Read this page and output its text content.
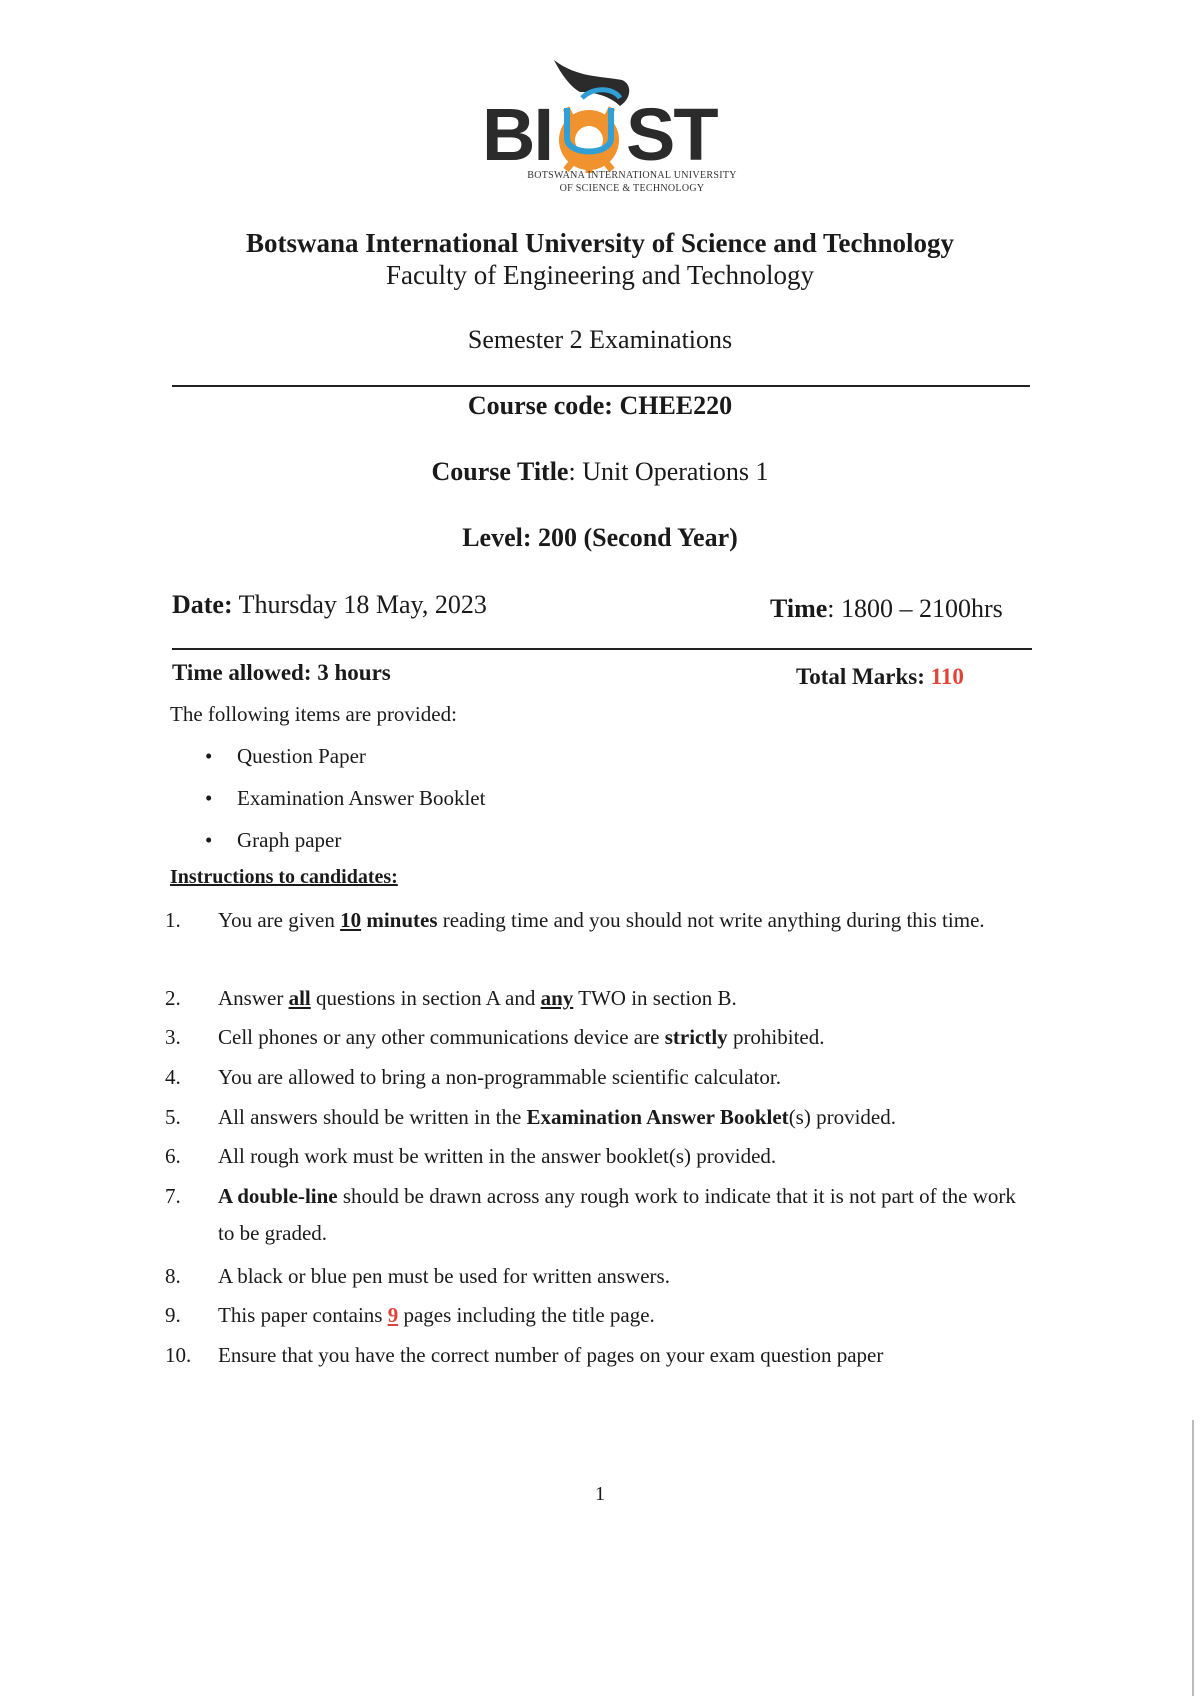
BI ST
BOTSWANA INTERNATIONAL UNIVERSITY
OF SCIENCE & TECHNOLOGY
Botswana International University of Science and Technology
Faculty of Engineering and Technology
Semester 2 Examinations
Course code: CHEE220
Course Title: Unit Operations 1
Level: 200 (Second Year)
Date: Thursday 18 May, 2023	Time: 1800 – 2100hrs
Time allowed: 3 hours	Total Marks: 110
The following items are provided:
• Question Paper
• Examination Answer Booklet
• Graph paper
Instructions to candidates:
1.	You are given 10 minutes reading time and you should not write anything during this time.
2.	Answer all questions in section A and any TWO in section B.
3.	Cell phones or any other communications device are strictly prohibited.
4.	You are allowed to bring a non-programmable scientific calculator.
5.	All answers should be written in the Examination Answer Booklet(s) provided.
6.	All rough work must be written in the answer booklet(s) provided.
7.	A double-line should be drawn across any rough work to indicate that it is not part of the work to be graded.
8.	A black or blue pen must be used for written answers.
9.	This paper contains 9 pages including the title page.
10.	Ensure that you have the correct number of pages on your exam question paper
1
